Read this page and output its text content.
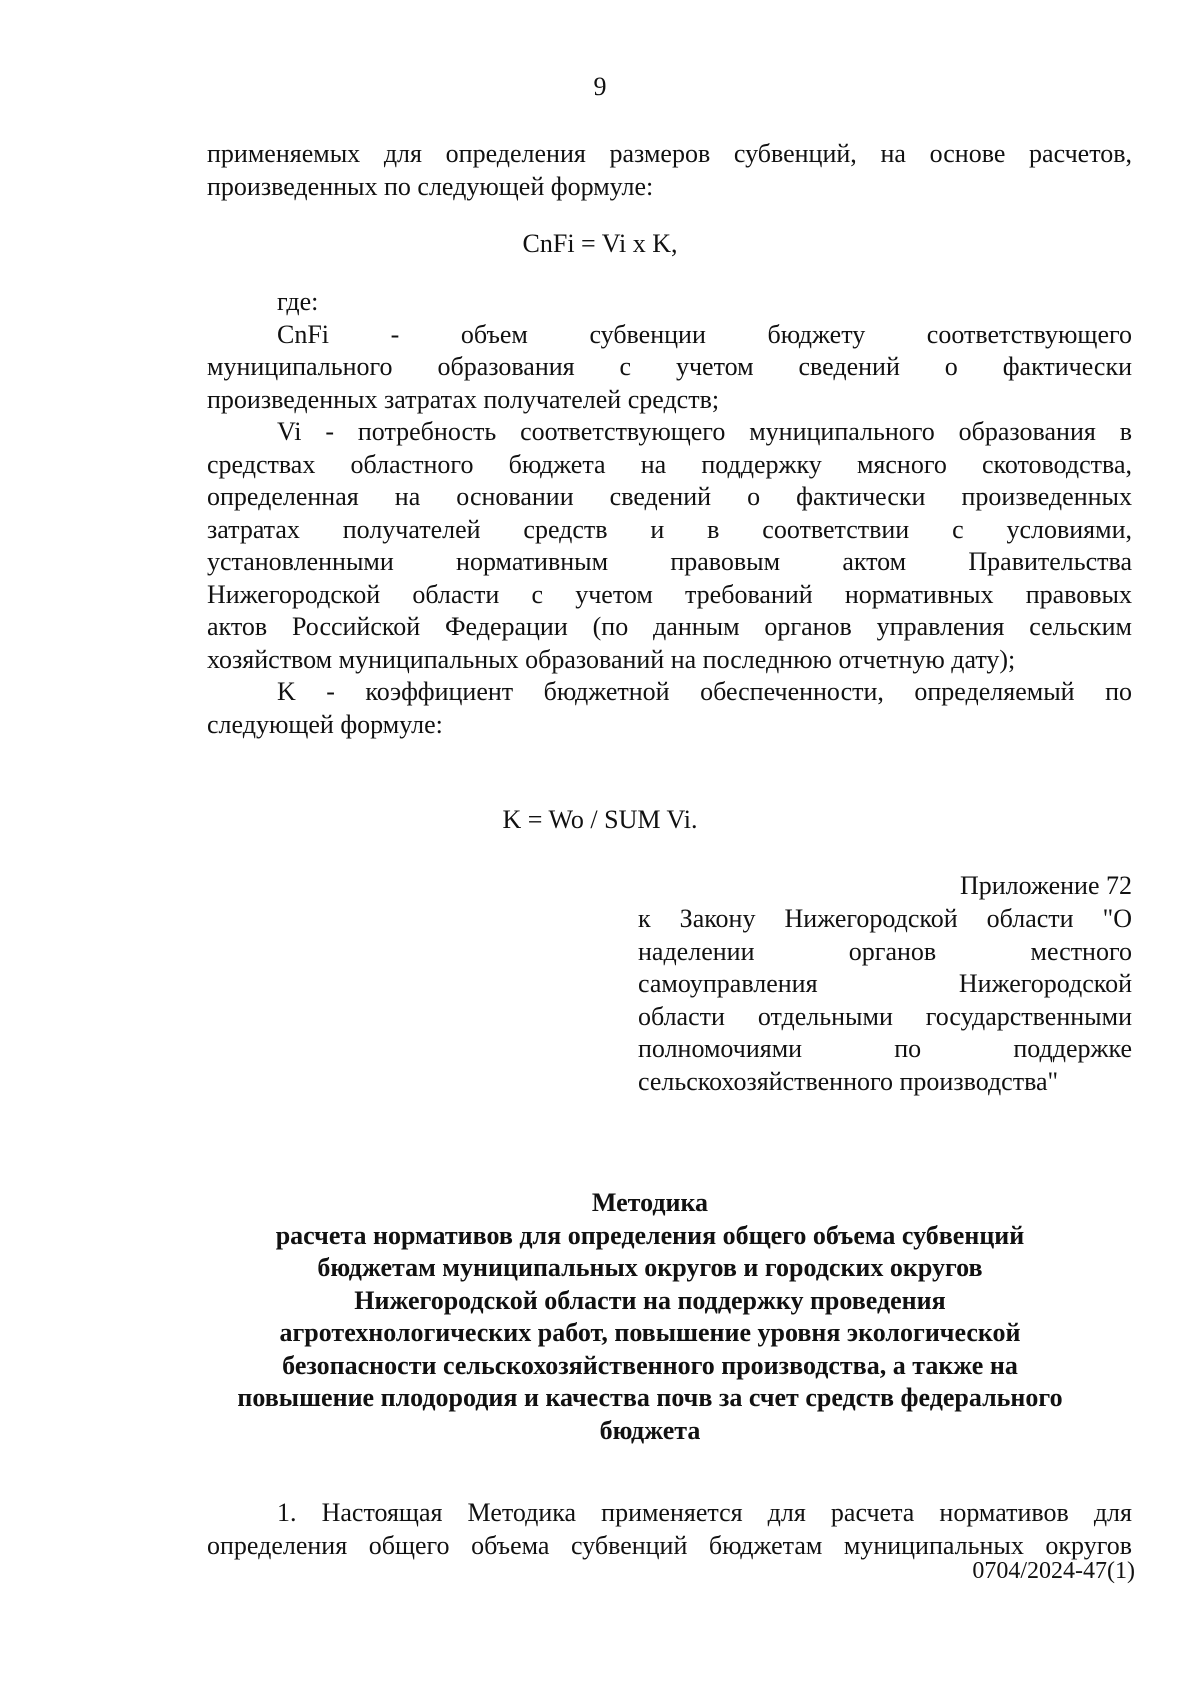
9
применяемых для определения размеров субвенций, на основе расчетов,
произведенных по следующей формуле:
CnFi = Vi x K,
где:
CnFi   -   объем   субвенции   бюджету   соответствующего
муниципального  образования  с  учетом  сведений  о  фактически
произведенных затратах получателей средств;
Vi - потребность соответствующего муниципального образования в
средствах областного бюджета на поддержку мясного скотоводства,
определенная на основании сведений о фактически произведенных
затратах получателей средств и в соответствии с условиями,
установленными нормативным правовым актом Правительства
Нижегородской области с учетом требований нормативных правовых
актов Российской Федерации (по данным органов управления сельским
хозяйством муниципальных образований на последнюю отчетную дату);
K - коэффициент бюджетной обеспеченности, определяемый по
следующей формуле:
K = Wo / SUM Vi.
Приложение 72
к Закону Нижегородской области "О
наделении органов местного
самоуправления Нижегородской
области отдельными государственными
полномочиями по поддержке
сельскохозяйственного производства"
Методика
расчета нормативов для определения общего объема субвенций
бюджетам муниципальных округов и городских округов
Нижегородской области на поддержку проведения
агротехнологических работ, повышение уровня экологической
безопасности сельскохозяйственного производства, а также на
повышение плодородия и качества почв за счет средств федерального
бюджета
1. Настоящая Методика применяется для расчета нормативов для
определения общего объема субвенций бюджетам муниципальных округов
0704/2024-47(1)
